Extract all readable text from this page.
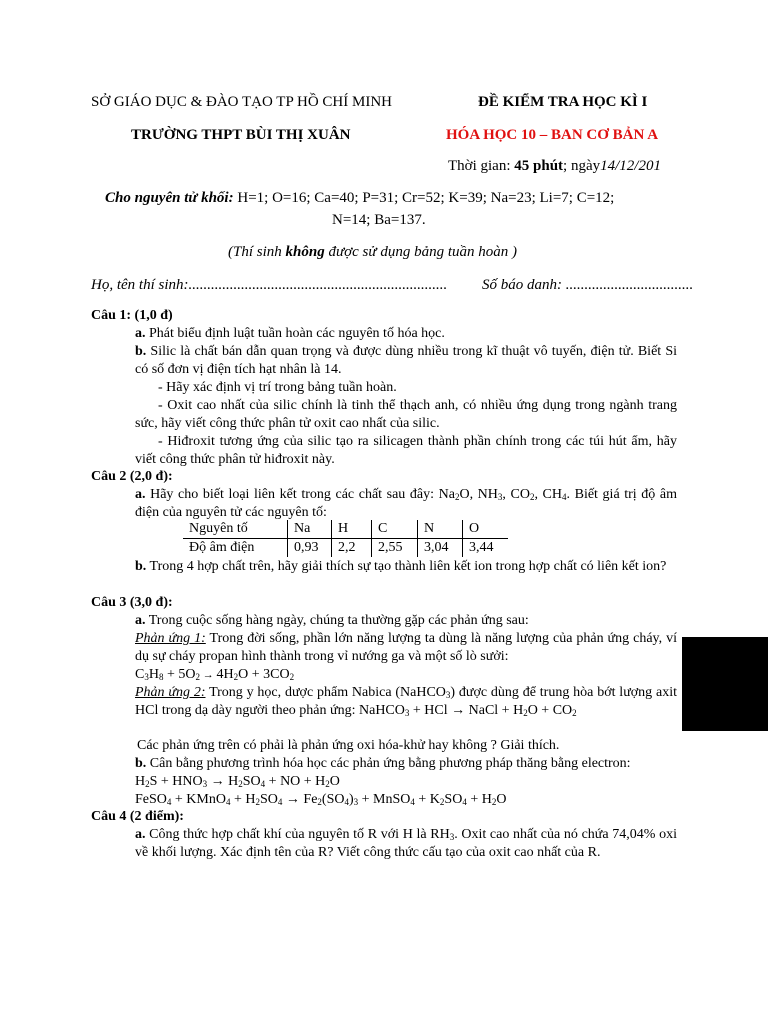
SỞ GIÁO DỤC & ĐÀO TẠO TP HỒ CHÍ MINH	ĐỀ KIỂM TRA HỌC KÌ I
TRƯỜNG THPT BÙI THỊ XUÂN	HÓA HỌC 10 – BAN CƠ BẢN A
Thời gian: 45 phút; ngày14/12/201
Cho nguyên tử khối: H=1; O=16; Ca=40; P=31; Cr=52; K=39; Na=23; Li=7; C=12;
N=14; Ba=137.
(Thí sinh không được sử dụng bảng tuần hoàn )
Họ, tên thí sinh:..................................................................... Số báo danh: ..................................
Câu 1: (1,0 đ)
a. Phát biểu định luật tuần hoàn các nguyên tố hóa học.
b. Silic là chất bán dẫn quan trọng và được dùng nhiều trong kĩ thuật vô tuyến, điện tử. Biết Si có số đơn vị điện tích hạt nhân là 14.
- Hãy xác định vị trí trong bảng tuần hoàn.
- Oxit cao nhất của silic chính là tinh thể thạch anh, có nhiều ứng dụng trong ngành trang sức, hãy viết công thức phân tử oxit cao nhất của silic.
- Hiđroxit tương ứng của silic tạo ra silicagen thành phần chính trong các túi hút ẩm, hãy viết công thức phân tử hiđroxit này.
Câu 2 (2,0 đ):
a. Hãy cho biết loại liên kết trong các chất sau đây: $Na_2O$, $NH_3$, $CO_2$, $CH_4$. Biết giá trị độ âm điện của nguyên tử các nguyên tố:
Nguyên tố	Na	H	C	N	O
Độ âm điện	0,93	2,2	2,55	3,04	3,44
b. Trong 4 hợp chất trên, hãy giải thích sự tạo thành liên kết ion trong hợp chất có liên kết ion?
Câu 3 (3,0 đ):
a. Trong cuộc sống hàng ngày, chúng ta thường gặp các phản ứng sau:
Phản ứng 1: Trong đời sống, phần lớn năng lượng ta dùng là năng lượng của phản ứng cháy, ví dụ sự cháy propan hình thành trong vỉ nướng ga và một số lò sưởi:
$C_3H_8 + 5O_2 \to 4H_2O + 3CO_2$
Phản ứng 2: Trong y học, dược phẩm Nabica (NaHCO$_3$) được dùng để trung hòa bớt lượng axit HCl trong dạ dày người theo phản ứng: NaHCO$_3$ + HCl → NaCl + $H_2O + CO_2$
Các phản ứng trên có phải là phản ứng oxi hóa-khử hay không ? Giải thích.
b. Cân bằng phương trình hóa học các phản ứng bằng phương pháp thăng bằng electron:
$H_2S + HNO_3 \to H_2SO_4$ + NO + $H_2O$
FeSO$_4$ + KMnO$_4$ + $H_2SO_4 \to Fe_2(SO_4)_3$ + MnSO$_4$ + $K_2SO_4 + H_2O$
Câu 4 (2 điểm):
a. Công thức hợp chất khí của nguyên tố R với H là $RH_3$. Oxit cao nhất của nó chứa 74,04% oxi về khối lượng. Xác định tên của R? Viết công thức cấu tạo của oxit cao nhất của R.
